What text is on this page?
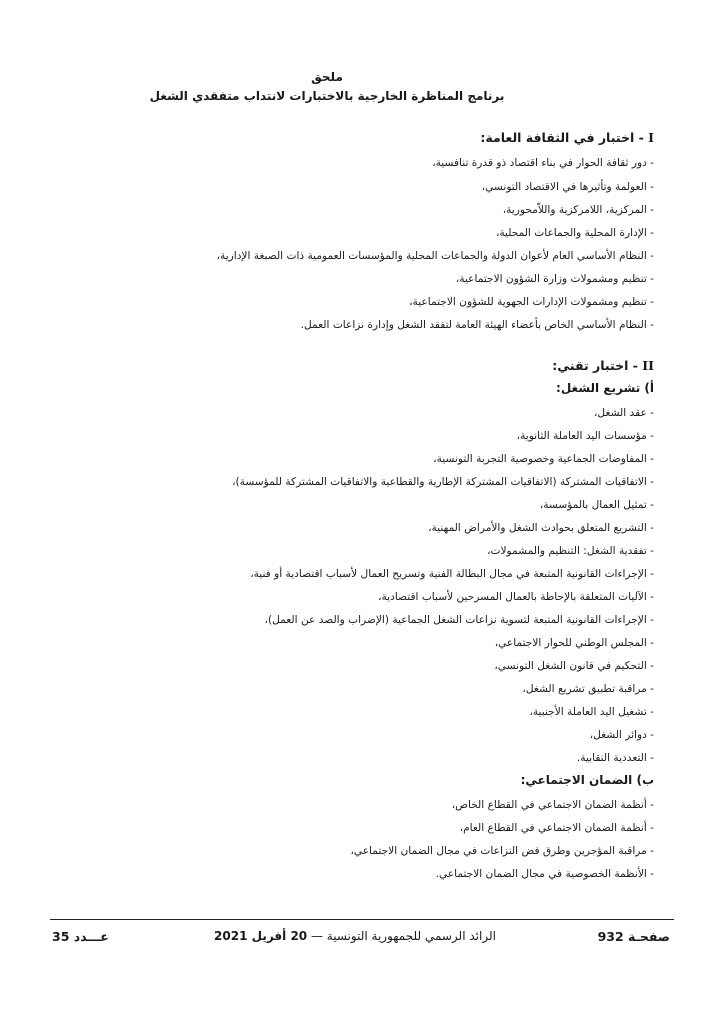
ملحق
برنامج المناظرة الخارجية بالاختبارات لانتداب متفقدي الشغل
I - اختبار في الثقافة العامة:
- دور ثقافة الحوار في بناء اقتصاد ذو قدرة تنافسية،
- العولمة وتأثيرها في الاقتصاد التونسي،
- المركزية، اللامركزية واللاّمحورية،
- الإدارة المحلية والجماعات المحلية،
- النظام الأساسي العام لأعوان الدولة والجماعات المحلية والمؤسسات العمومية ذات الصبغة الإدارية،
- تنظيم ومشمولات وزارة الشؤون الاجتماعية،
- تنظيم ومشمولات الإدارات الجهوية للشؤون الاجتماعية،
- النظام الأساسي الخاص بأعضاء الهيئة العامة لتفقد الشغل وإدارة نزاعات العمل.
II - اختبار تقني:
أ) تشريع الشغل:
- عقد الشغل،
- مؤسسات اليد العاملة الثانوية،
- المفاوضات الجماعية وخصوصية التجربة التونسية،
- الاتفاقيات المشتركة (الاتفاقيات المشتركة الإطارية والقطاعية والاتفاقيات المشتركة للمؤسسة)،
- تمثيل العمال بالمؤسسة،
- التشريع المتعلق بحوادث الشغل والأمراض المهنية،
- تفقدية الشغل: التنظيم والمشمولات،
- الإجراءات القانونية المتبعة في مجال البطالة الفنية وتسريح العمال لأسباب اقتصادية أو فنية،
- الآليات المتعلقة بالإحاطة بالعمال المسرحين لأسباب اقتصادية،
- الإجراءات القانونية المتبعة لتسوية نزاعات الشغل الجماعية (الإضراب والصد عن العمل)،
- المجلس الوطني للحوار الاجتماعي،
- التحكيم في قانون الشغل التونسي،
- مراقبة تطبيق تشريع الشغل،
- تشغيل اليد العاملة الأجنبية،
- دوائر الشغل،
- التعددية النقابية.
ب) الضمان الاجتماعي:
- أنظمة الضمان الاجتماعي في القطاع الخاص،
- أنظمة الضمان الاجتماعي في القطاع العام،
- مراقبة المؤجرين وطرق فض النزاعات في مجال الضمان الاجتماعي،
- الأنظمة الخصوصية في مجال الضمان الاجتماعي.
صفحـة 932
الرائد الرسمي للجمهورية التونسية — 20 أفريل 2021
عـــدد 35
